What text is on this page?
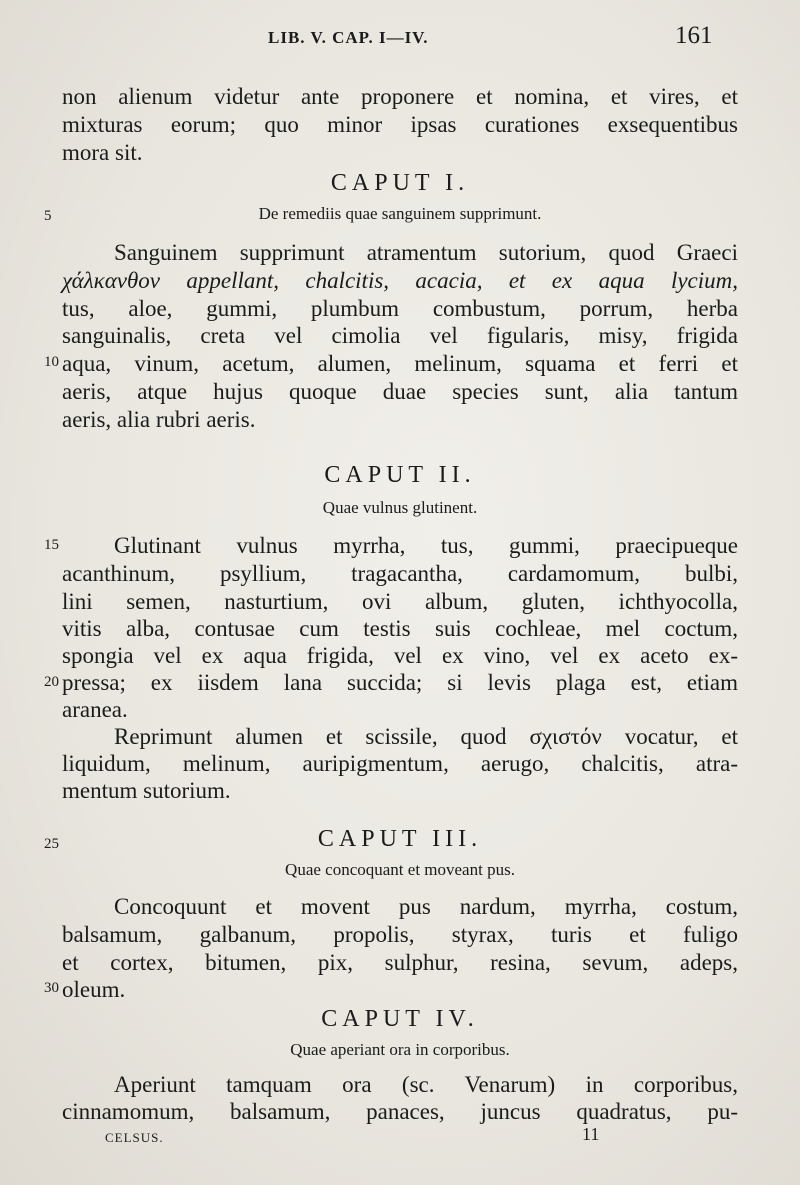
LIB. V. CAP. I—IV.	161
non alienum videtur ante proponere et nomina, et vires, et
mixturas eorum; quo minor ipsas curationes exsequentibus
mora sit.
CAPUT I.
5	De remediis quae sanguinem supprimunt.
Sanguinem supprimunt atramentum sutorium, quod Graeci
χάλκανθον appellant, chalcitis, acacia, et ex aqua lycium,
tus, aloe, gummi, plumbum combustum, porrum, herba
sanguinalis, creta vel cimolia vel figularis, misy, frigida
10 aqua, vinum, acetum, alumen, melinum, squama et ferri et
aeris, atque hujus quoque duae species sunt, alia tantum
aeris, alia rubri aeris.
CAPUT II.
Quae vulnus glutinent.
15	Glutinant vulnus myrrha, tus, gummi, praecipueque
acanthinum, psyllium, tragacantha, cardamomum, bulbi,
lini semen, nasturtium, ovi album, gluten, ichthyocolla,
vitis alba, contusae cum testis suis cochleae, mel coctum,
spongia vel ex aqua frigida, vel ex vino, vel ex aceto ex-
20 pressa; ex iisdem lana succida; si levis plaga est, etiam
aranea.
Reprimunt alumen et scissile, quod σχιστόν vocatur, et
liquidum, melinum, auripigmentum, aerugo, chalcitis, atra-
mentum sutorium.
25	CAPUT III.
Quae concoquant et moveant pus.
Concoquunt et movent pus nardum, myrrha, costum,
balsamum, galbanum, propolis, styrax, turis et fuligo
et cortex, bitumen, pix, sulphur, resina, sevum, adeps,
30 oleum.
CAPUT IV.
Quae aperiant ora in corporibus.
Aperiunt tamquam ora (sc. Venarum) in corporibus,
cinnamomum, balsamum, panaces, juncus quadratus, pu-
CELSUS.	11
